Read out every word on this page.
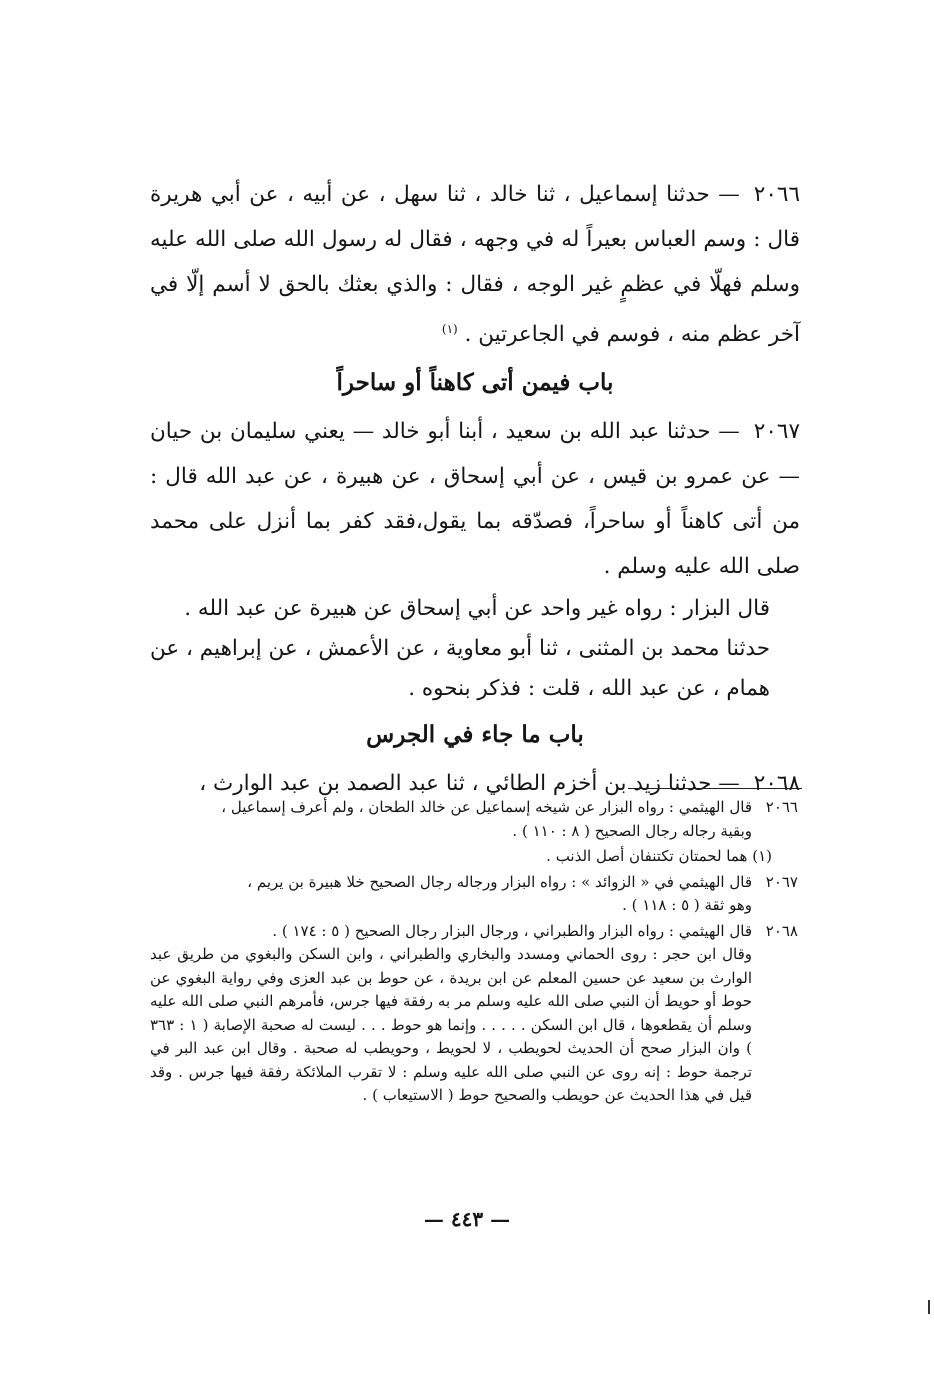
٢٠٦٦— حدثنا إسماعيل ، ثنا خالد ، ثنا سهل ، عن أبيه ، عن أبي هريرة قال : وسم العباس بعيراً له في وجهه ، فقال له رسول الله صلى الله عليه وسلم فهلّا في عظمٍ غير الوجه ، فقال : والذي بعثك بالحق لا أسم إلّا في آخر عظم منه ، فوسم في الجاعرتين . $^{(١)}$

باب فيمن أتى كاهناً أو ساحراً

٢٠٦٧— حدثنا عبد الله بن سعيد ، أبنا أبو خالد — يعني سليمان بن حيان — عن عمرو بن قيس ، عن أبي إسحاق ، عن هبيرة ، عن عبد الله قال : من أتى كاهناً أو ساحراً، فصدّقه بما يقول،فقد كفر بما أنزل على محمد صلى الله عليه وسلم .

قال البزار : رواه غير واحد عن أبي إسحاق عن هبيرة عن عبد الله .

حدثنا محمد بن المثنى ، ثنا أبو معاوية ، عن الأعمش ، عن إبراهيم ، عن همام ، عن عبد الله ، قلت : فذكر بنحوه .

باب ما جاء في الجرس

٢٠٦٨— حدثنا زيد بن أخزم الطائي ، ثنا عبد الصمد بن عبد الوارث ،

٢٠٦٦قال الهيثمي : رواه البزار عن شيخه إسماعيل عن خالد الطحان ، ولم أعرف إسماعيل ،
وبقية رجاله رجال الصحيح ( ٨ : ١١٠ ) .

(١) هما لحمتان تكتنفان أصل الذنب .

٢٠٦٧قال الهيثمي في « الزوائد » : رواه البزار ورجاله رجال الصحيح خلا هبيرة بن يريم ،
وهو ثقة ( ٥ : ١١٨ ) .

٢٠٦٨قال الهيثمي : رواه البزار والطبراني ، ورجال البزار رجال الصحيح ( ٥ : ١٧٤ ) .
وقال ابن حجر : روى الحماني ومسدد والبخاري والطبراني ، وابن السكن والبغوي من طريق عبد الوارث بن سعيد عن حسين المعلم عن ابن بريدة ، عن حوط بن عبد العزى وفي رواية البغوي عن حوط أو حويط أن النبي صلى الله عليه وسلم مر به رفقة فيها جرس، فأمرهم النبي صلى الله عليه وسلم أن يقطعوها ، قال ابن السكن . . . . . وإنما هو حوط . . . ليست له صحبة الإصابة ( ١ : ٣٦٣ ) وان البزار صحح أن الحديث لحويطب ، لا لحويط ، وحويطب له صحبة . وقال ابن عبد البر في ترجمة حوط : إنه روى عن النبي صلى الله عليه وسلم : لا تقرب الملائكة رفقة فيها جرس . وقد قيل في هذا الحديث عن حويطب والصحيح حوط ( الاستيعاب ) .

— ٤٤٣ —
